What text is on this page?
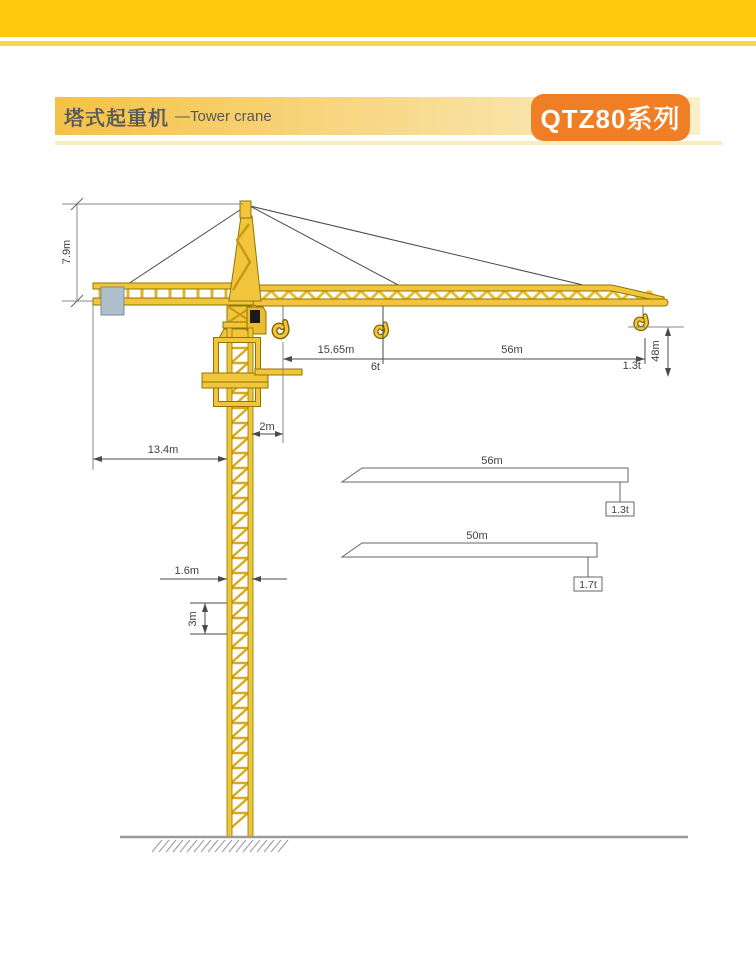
塔式起重机 —Tower crane	QTZ80系列
7.9m
15.65m
6t
56m
1.3t
48m
2m
13.4m
1.6m
3m
56m
1.3t
50m
1.7t
